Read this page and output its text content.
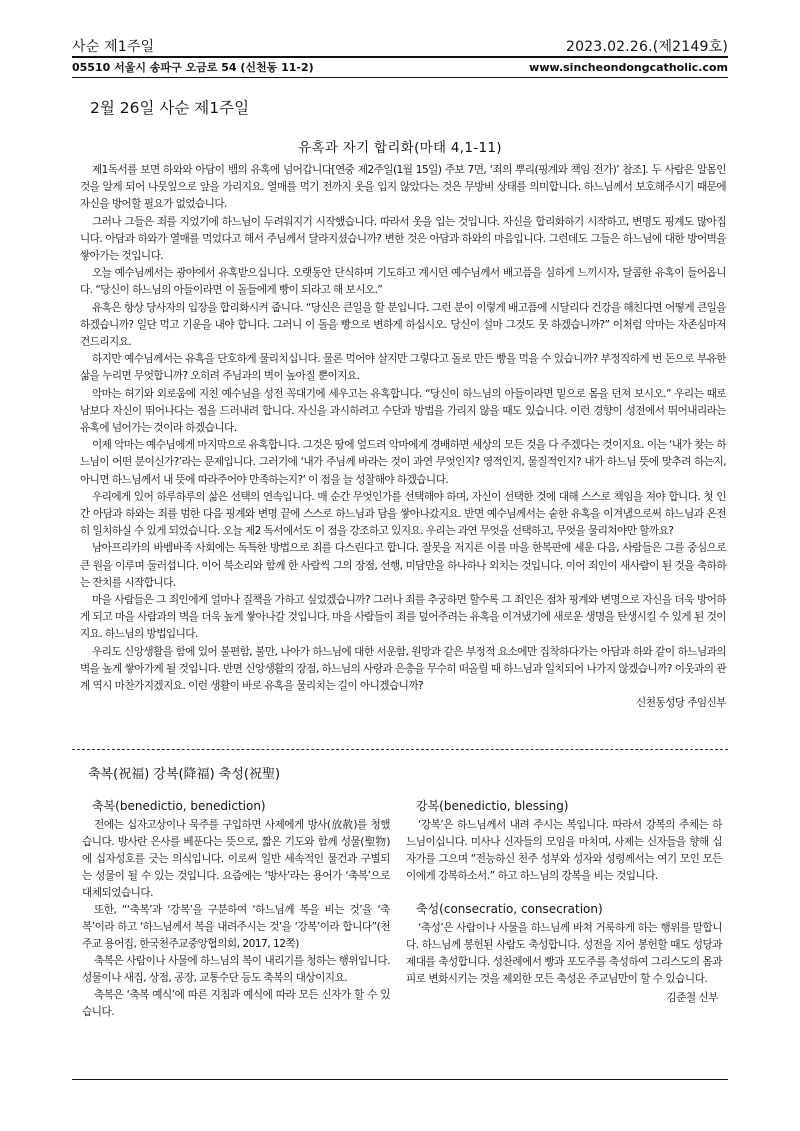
사순 제1주일	2023.02.26.(제2149호)
05510 서울시 송파구 오금로 54 (신천동 11-2)	www.sincheondongcatholic.com
2월 26일 사순 제1주일
유혹과 자기 합리화(마태 4,1-11)

제1독서를 보면 하와와 아담이 뱀의 유혹에 넘어갑니다[연중 제2주일(1월 15일) 주보 7면, ‘죄의 뿌리(핑계와 책임 전가)’ 참조]. 두 사람은 알몸인 것을 알게 되어 나뭇잎으로 앞을 가리지요. 열매를 먹기 전까지 옷을 입지 않았다는 것은 무방비 상태를 의미합니다. 하느님께서 보호해주시기 때문에 자신을 방어할 필요가 없었습니다.

그러나 그들은 죄를 지었기에 하느님이 두려워지기 시작했습니다. 따라서 옷을 입는 것입니다. 자신을 합리화하기 시작하고, 변명도 핑계도 많아집니다. 아담과 하와가 열매를 먹었다고 해서 주님께서 달라지셨습니까? 변한 것은 아담과 하와의 마음입니다. 그런데도 그들은 하느님에 대한 방어벽을 쌓아가는 것입니다.

오늘 예수님께서는 광야에서 유혹받으십니다. 오랫동안 단식하며 기도하고 계시던 예수님께서 배고픔을 심하게 느끼시자, 달콤한 유혹이 들어옵니다. “당신이 하느님의 아들이라면 이 돌들에게 빵이 되라고 해 보시오.”

유혹은 항상 당사자의 입장을 합리화시켜 줍니다. “당신은 큰일을 할 분입니다. 그런 분이 이렇게 배고픔에 시달리다 건강을 해친다면 어떻게 큰일을 하겠습니까? 일단 먹고 기운을 내야 합니다. 그러니 이 돌을 빵으로 변하게 하십시오. 당신이 설마 그것도 못 하겠습니까?” 이처럼 악마는 자존심마저 건드리지요.

하지만 예수님께서는 유혹을 단호하게 물리치십니다. 물론 먹어야 살지만 그렇다고 돌로 만든 빵을 먹을 수 있습니까? 부정직하게 번 돈으로 부유한 삶을 누리면 무엇합니까? 오히려 주님과의 벽이 높아질 뿐이지요.

악마는 허기와 외로움에 지친 예수님을 성전 꼭대기에 세우고는 유혹합니다. “당신이 하느님의 아들이라면 밑으로 몸을 던져 보시오.” 우리는 때로 남보다 자신이 뛰어나다는 점을 드러내려 합니다. 자신을 과시하려고 수단과 방법을 가리지 않을 때도 있습니다. 이런 경향이 성전에서 뛰어내리라는 유혹에 넘어가는 것이라 하겠습니다.

이제 악마는 예수님에게 마지막으로 유혹합니다. 그것은 땅에 엎드려 악마에게 경배하면 세상의 모든 것을 다 주겠다는 것이지요. 이는 ‘내가 찾는 하느님이 어떤 분이신가?’라는 문제입니다. 그러기에 ‘내가 주님께 바라는 것이 과연 무엇인지? 영적인지, 물질적인지? 내가 하느님 뜻에 맞추려 하는지, 아니면 하느님께서 내 뜻에 따라주어야 만족하는지?’ 이 점을 늘 성찰해야 하겠습니다.

우리에게 있어 하루하루의 삶은 선택의 연속입니다. 매 순간 무엇인가를 선택해야 하며, 자신이 선택한 것에 대해 스스로 책임을 져야 합니다. 첫 인간 아담과 하와는 죄를 범한 다음 핑계와 변명 끝에 스스로 하느님과 담을 쌓아나갔지요. 반면 예수님께서는 숱한 유혹을 이겨냄으로써 하느님과 온전히 일치하실 수 있게 되었습니다. 오늘 제2 독서에서도 이 점을 강조하고 있지요. 우리는 과연 무엇을 선택하고, 무엇을 물리쳐야만 할까요?

남아프리카의 바벰바족 사회에는 독특한 방법으로 죄를 다스린다고 합니다. 잘못을 저지른 이를 마을 한복판에 세운 다음, 사람들은 그를 중심으로 큰 원을 이루며 둘러섭니다. 이어 북소리와 함께 한 사람씩 그의 장점, 선행, 미담만을 하나하나 외치는 것입니다. 이어 죄인이 새사람이 된 것을 축하하는 잔치를 시작합니다.

마을 사람들은 그 죄인에게 얼마나 질책을 가하고 싶었겠습니까? 그러나 죄를 추궁하면 할수록 그 죄인은 점차 핑계와 변명으로 자신을 더욱 방어하게 되고 마을 사람과의 벽을 더욱 높게 쌓아나갈 것입니다. 마을 사람들이 죄를 덮어주려는 유혹을 이겨냈기에 새로운 생명을 탄생시킬 수 있게 된 것이지요. 하느님의 방법입니다.

우리도 신앙생활을 함에 있어 불편함, 불만, 나아가 하느님에 대한 서운함, 원망과 같은 부정적 요소에만 집착하다가는 아담과 하와 같이 하느님과의 벽을 높게 쌓아가게 될 것입니다. 반면 신앙생활의 장점, 하느님의 사랑과 은총을 무수히 떠올릴 때 하느님과 일치되어 나가지 않겠습니까? 이웃과의 관계 역시 마찬가지겠지요. 이런 생활이 바로 유혹을 물리치는 길이 아니겠습니까?

신천동성당 주임신부
축복(祝福) 강복(降福) 축성(祝聖)
축복(benedictio, benediction)

전에는 십자고상이나 묵주를 구입하면 사제에게 방사(放赦)를 청했습니다. 방사란 은사를 베푼다는 뜻으로, 짧은 기도와 함께 성물(聖物)에 십자성호를 긋는 의식입니다. 이로써 일반 세속적인 물건과 구별되는 성물이 될 수 있는 것입니다. 요즘에는 ‘방사’라는 용어가 ‘축복’으로 대체되었습니다.

또한, “‘축복’과 ‘강복’을 구분하여 ‘하느님께 복을 비는 것’을 ‘축복’이라 하고 ‘하느님께서 복을 내려주시는 것’을 ‘강복’이라 합니다”(천주교 용어집, 한국천주교중앙협의회, 2017, 12쪽)

축복은 사람이나 사물에 하느님의 복이 내리기를 청하는 행위입니다. 성물이나 새집, 상점, 공장, 교통수단 등도 축복의 대상이지요.

축복은 ‘축복 예식’에 따른 지침과 예식에 따라 모든 신자가 할 수 있습니다.

강복(benedictio, blessing)

‘강복’은 하느님께서 내려 주시는 복입니다. 따라서 강복의 주체는 하느님이십니다. 미사나 신자들의 모임을 마치며, 사제는 신자들을 향해 십자가를 그으며 “전능하신 천주 성부와 성자와 성령께서는 여기 모인 모든 이에게 강복하소서.” 하고 하느님의 강복을 비는 것입니다.

축성(consecratio, consecration)

‘축성’은 사람이나 사물을 하느님께 바쳐 거룩하게 하는 행위를 말합니다. 하느님께 봉헌된 사람도 축성합니다. 성전을 지어 봉헌할 때도 성당과 제대를 축성합니다. 성찬례에서 빵과 포도주를 축성하여 그리스도의 몸과 피로 변화시키는 것을 제외한 모든 축성은 주교님만이 할 수 있습니다.

김준철 신부
